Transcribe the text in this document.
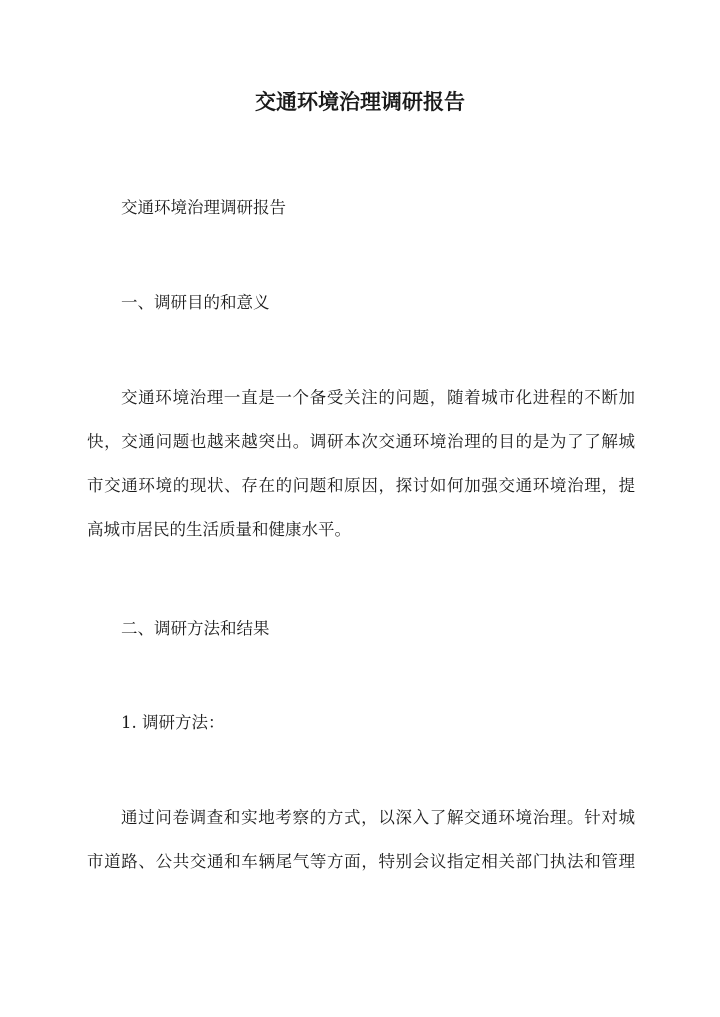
交通环境治理调研报告

交通环境治理调研报告

一、调研目的和意义

交通环境治理一直是一个备受关注的问题，随着城市化进程的不断加

快，交通问题也越来越突出。调研本次交通环境治理的目的是为了了解城

市交通环境的现状、存在的问题和原因，探讨如何加强交通环境治理，提

高城市居民的生活质量和健康水平。

二、调研方法和结果

1. 调研方法：

通过问卷调查和实地考察的方式，以深入了解交通环境治理。针对城

市道路、公共交通和车辆尾气等方面，特别会议指定相关部门执法和管理
